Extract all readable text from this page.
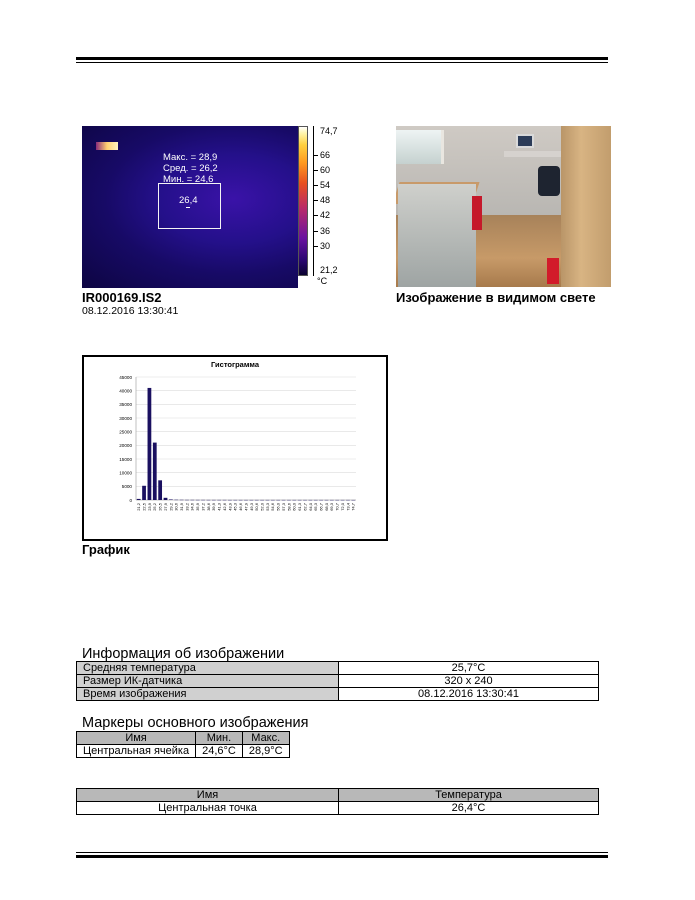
Макс. = 28,9
Сред. = 26,2
Мин. = 24,6
26,4
74,7
66
60
54
48
42
36
30
21,2
°C
IR000169.IS2
08.12.2016 13:30:41
Изображение в видимом свете
Гистограмма
45000
40000
35000
30000
25000
20000
15000
10000
5000
0
21,2 22,5 23,9 25,2 26,5 27,9 29,2 30,6 31,9 33,2 34,6 35,9 37,2 38,6 39,9 41,3 42,6 43,9 45,3 46,6 47,9 49,3 50,6 52,0 53,3 54,6 56,0 57,3 58,6 60,0 61,3 62,7 64,0 65,3 66,7 68,0 69,3 70,7 72,0 73,4 74,7
График
Информация об изображении
Средняя температура	25,7°C
Размер ИК-датчика	320 x 240
Время изображения	08.12.2016 13:30:41
Маркеры основного изображения
Имя	Мин.	Макс.
Центральная ячейка	24,6°C	28,9°C
Имя	Температура
Центральная точка	26,4°C
